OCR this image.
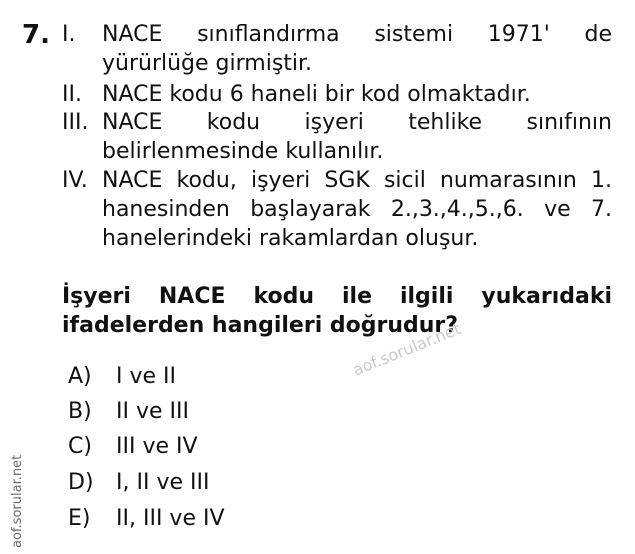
7. I. NACE sınıflandırma sistemi 1971' de yürürlüğe girmiştir.
II. NACE kodu 6 haneli bir kod olmaktadır.
III. NACE kodu işyeri tehlike sınıfının belirlenmesinde kullanılır.
IV. NACE kodu, işyeri SGK sicil numarasının 1. hanesinden başlayarak 2.,3.,4.,5.,6. ve 7. hanelerindeki rakamlardan oluşur.
İşyeri NACE kodu ile ilgili yukarıdaki ifadelerden hangileri doğrudur?
A) I ve II
B) II ve III
C) III ve IV
D) I, II ve III
E) II, III ve IV
aof.sorular.net
aof.sorular.net
